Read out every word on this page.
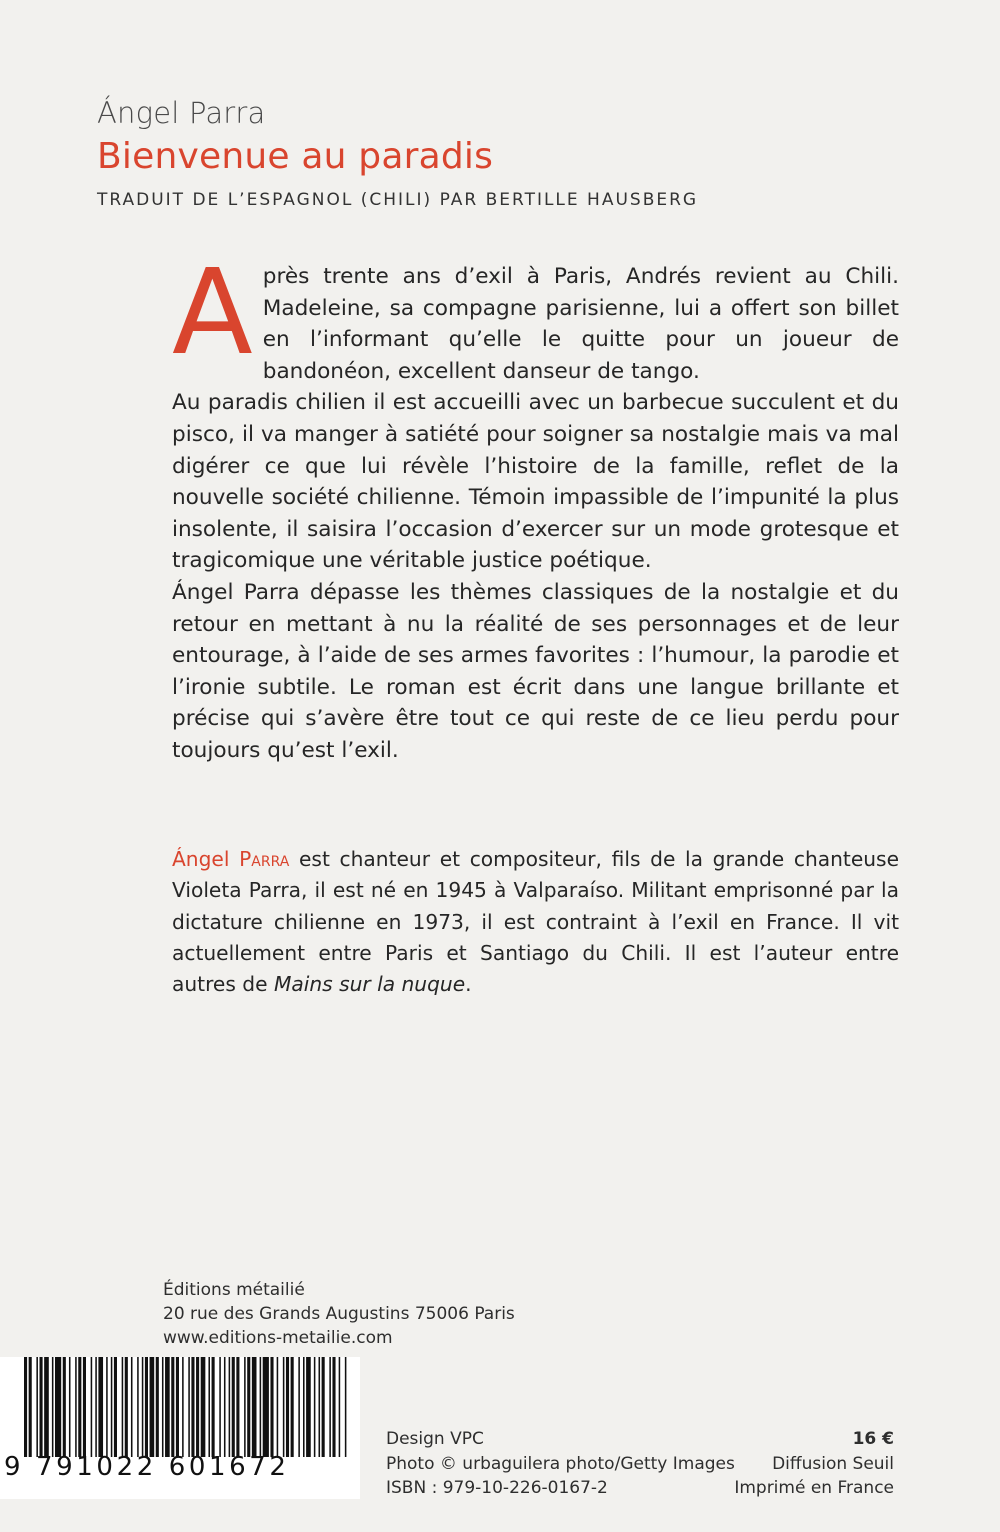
Ángel Parra
Bienvenue au paradis
TRADUIT DE L’ESPAGNOL (CHILI) PAR BERTILLE HAUSBERG

Après trente ans d’exil à Paris, Andrés revient au Chili. Madeleine, sa compagne parisienne, lui a offert son billet en l’informant qu’elle le quitte pour un joueur de bandonéon, excellent danseur de tango.

Au paradis chilien il est accueilli avec un barbecue succulent et du pisco, il va manger à satiété pour soigner sa nostalgie mais va mal digérer ce que lui révèle l’histoire de la famille, reflet de la nouvelle société chilienne. Témoin impassible de l’impunité la plus insolente, il saisira l’occasion d’exercer sur un mode grotesque et tragicomique une véritable justice poétique.

Ángel Parra dépasse les thèmes classiques de la nostalgie et du retour en mettant à nu la réalité de ses personnages et de leur entourage, à l’aide de ses armes favorites : l’humour, la parodie et l’ironie subtile. Le roman est écrit dans une langue brillante et précise qui s’avère être tout ce qui reste de ce lieu perdu pour toujours qu’est l’exil.

Ángel Parra est chanteur et compositeur, fils de la grande chanteuse Violeta Parra, il est né en 1945 à Valparaíso. Militant emprisonné par la dictature chilienne en 1973, il est contraint à l’exil en France. Il vit actuellement entre Paris et Santiago du Chili. Il est l’auteur entre autres de Mains sur la nuque.

Éditions métailié
20 rue des Grands Augustins 75006 Paris
www.editions-metailie.com
9 791022 601672
Design VPC
Photo © urbaguilera photo/Getty Images
ISBN : 979-10-226-0167-2
16 €
Diffusion Seuil
Imprimé en France
